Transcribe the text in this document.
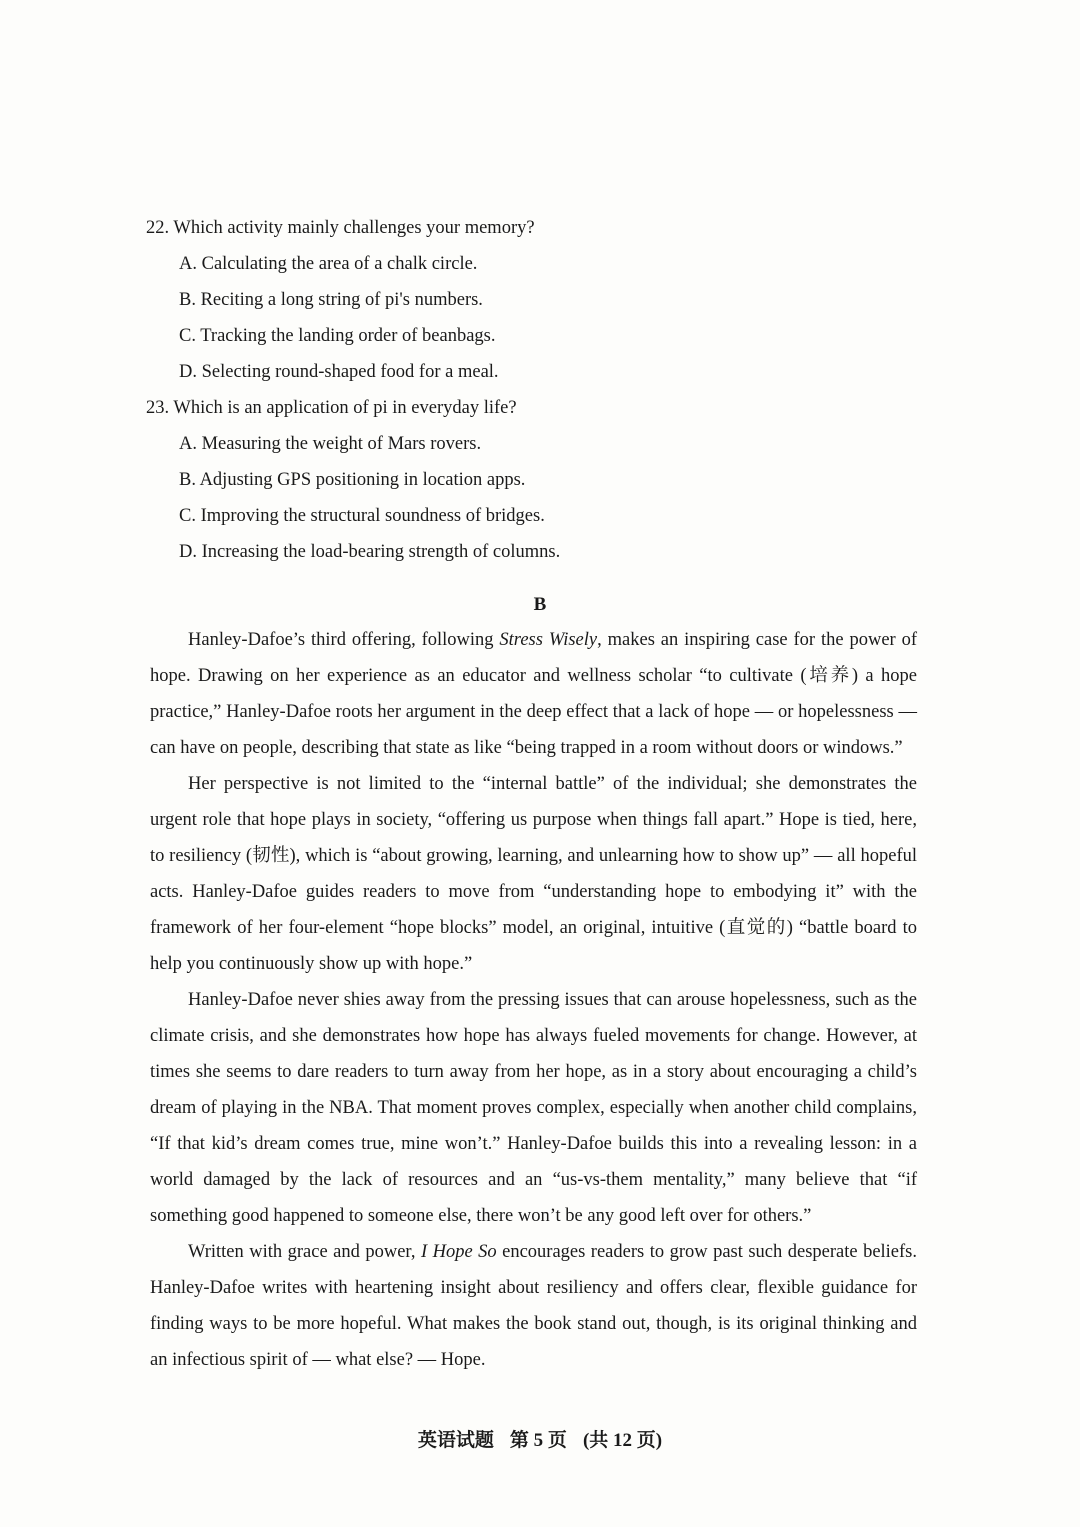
22. Which activity mainly challenges your memory?
A. Calculating the area of a chalk circle.
B. Reciting a long string of pi's numbers.
C. Tracking the landing order of beanbags.
D. Selecting round-shaped food for a meal.
23. Which is an application of pi in everyday life?
A. Measuring the weight of Mars rovers.
B. Adjusting GPS positioning in location apps.
C. Improving the structural soundness of bridges.
D. Increasing the load-bearing strength of columns.
B

Hanley-Dafoe’s third offering, following Stress Wisely, makes an inspiring case for the power of hope. Drawing on her experience as an educator and wellness scholar “to cultivate (培养) a hope practice,” Hanley-Dafoe roots her argument in the deep effect that a lack of hope — or hopelessness — can have on people, describing that state as like “being trapped in a room without doors or windows.”

Her perspective is not limited to the “internal battle” of the individual; she demonstrates the urgent role that hope plays in society, “offering us purpose when things fall apart.” Hope is tied, here, to resiliency (韧性), which is “about growing, learning, and unlearning how to show up” — all hopeful acts. Hanley-Dafoe guides readers to move from “understanding hope to embodying it” with the framework of her four-element “hope blocks” model, an original, intuitive (直觉的) “battle board to help you continuously show up with hope.”

Hanley-Dafoe never shies away from the pressing issues that can arouse hopelessness, such as the climate crisis, and she demonstrates how hope has always fueled movements for change. However, at times she seems to dare readers to turn away from her hope, as in a story about encouraging a child’s dream of playing in the NBA. That moment proves complex, especially when another child complains, “If that kid’s dream comes true, mine won’t.” Hanley-Dafoe builds this into a revealing lesson: in a world damaged by the lack of resources and an “us-vs-them mentality,” many believe that “if something good happened to someone else, there won’t be any good left over for others.”

Written with grace and power, I Hope So encourages readers to grow past such desperate beliefs. Hanley-Dafoe writes with heartening insight about resiliency and offers clear, flexible guidance for finding ways to be more hopeful. What makes the book stand out, though, is its original thinking and an infectious spirit of — what else? — Hope.

英语试题 第 5 页 (共 12 页)
